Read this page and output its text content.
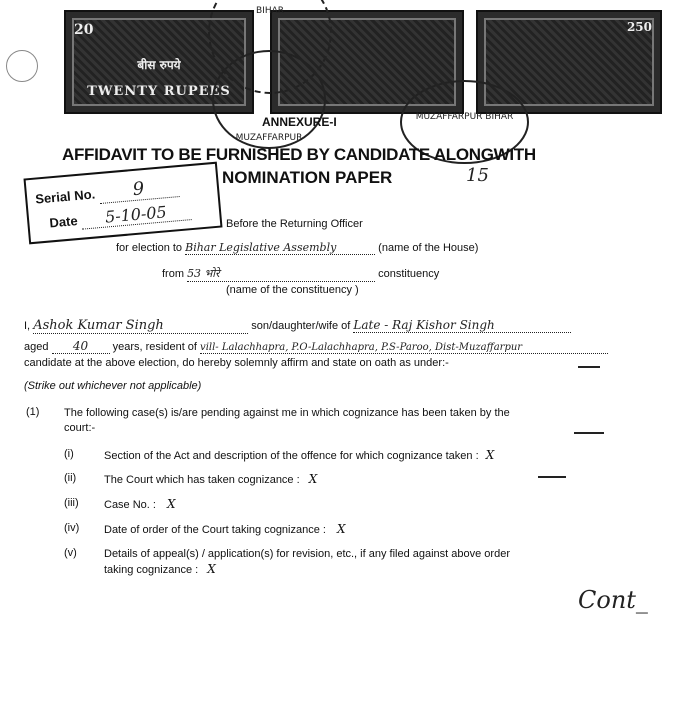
20
बीस रुपये
TWENTY RUPEES
250
BIHAR
MUZAFFARPUR
MUZAFFARPUR BIHAR
ANNEXURE-I
AFFIDAVIT TO BE FURNISHED BY CANDIDATE ALONGWITH
NOMINATION PAPER	15
Serial No. 9
Date 5-10-05	Before the Returning Officer
for election to Bihar Legislative Assembly	(name of the House)
from 53 भोरे	constituency
(name of the constituency )
I, Ashok Kumar Singh	son/daughter/wife of Late - Raj Kishor Singh
aged 40 years, resident of vill- Lalachhapra, P.O-Lalachhapra, P.S-Paroo, Dist-Muzaffarpur
candidate at the above election, do hereby solemnly affirm and state on oath as under:-
(Strike out whichever not applicable)
(1) The following case(s) is/are pending against me in which cognizance has been taken by the
court:-
(i)	Section of the Act and description of the offence for which cognizance taken : X
(ii)	The Court which has taken cognizance : X
(iii) Case No. : X
(iv) Date of order of the Court taking cognizance : X
(v) Details of appeal(s) / application(s) for revision, etc., if any filed against above order
taking cognizance : X
Cont_
